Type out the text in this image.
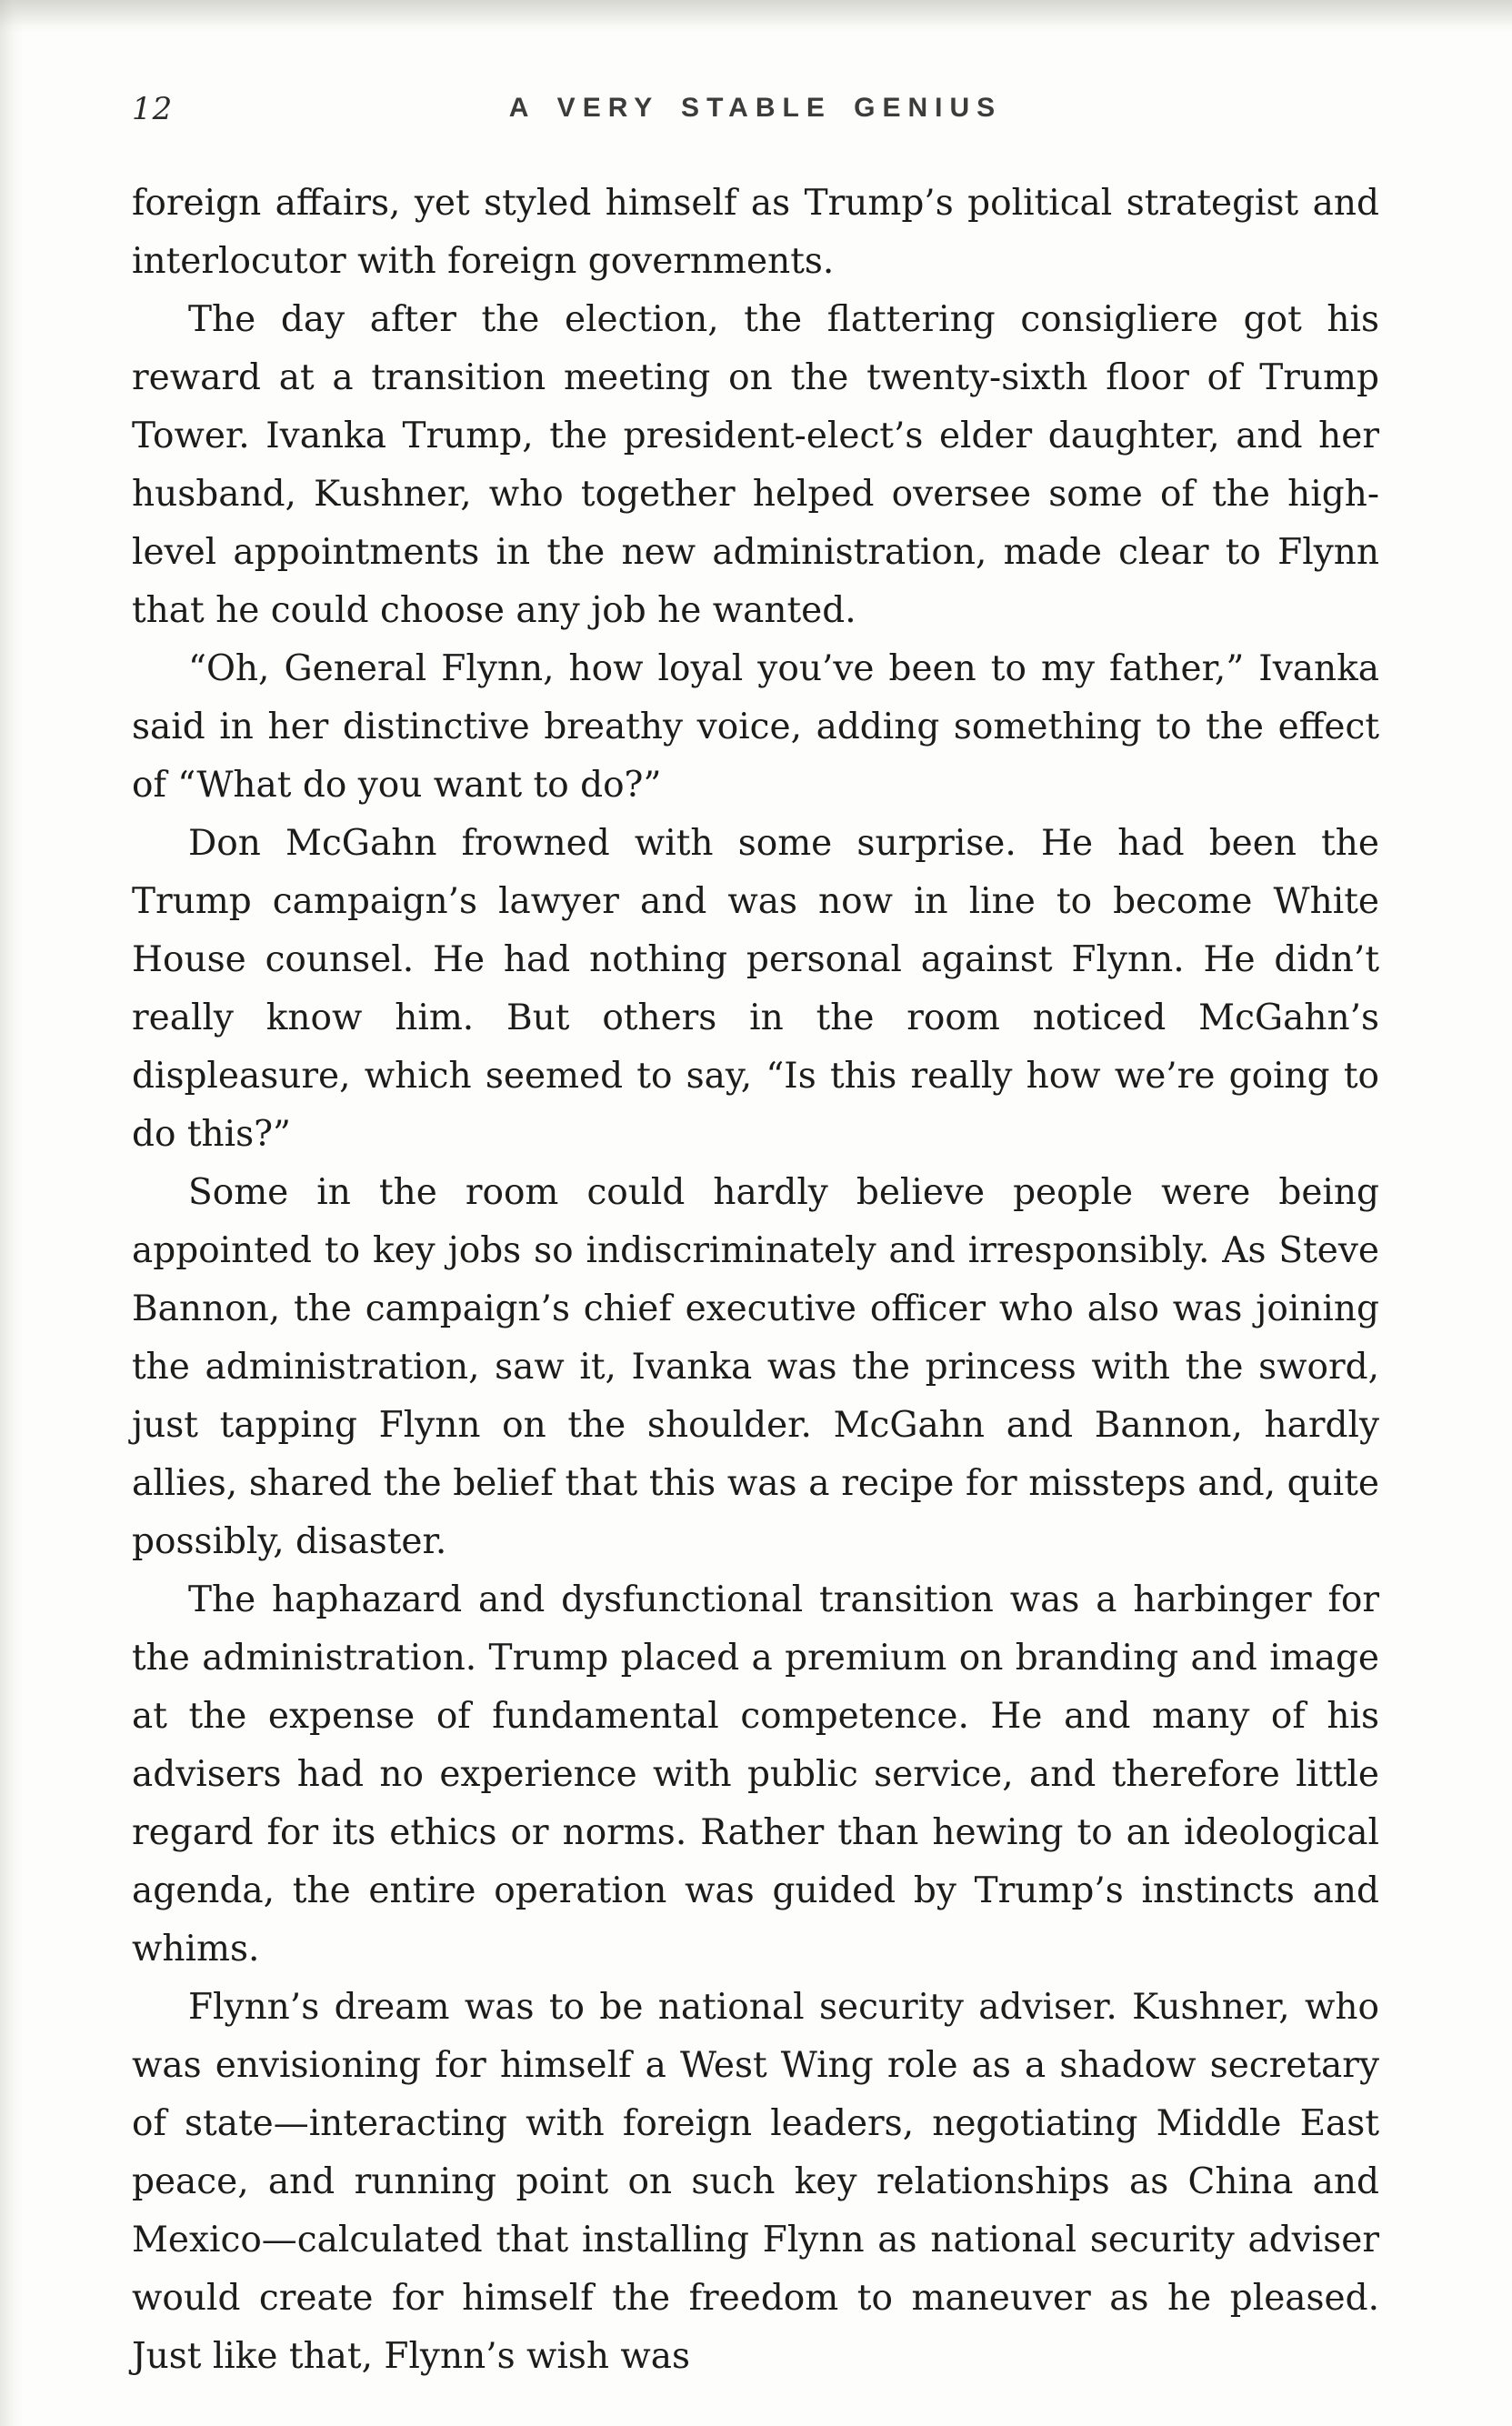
12	A VERY STABLE GENIUS

foreign affairs, yet styled himself as Trump’s political strategist and interlocutor with foreign governments.

The day after the election, the flattering consigliere got his reward at a transition meeting on the twenty-sixth floor of Trump Tower. Ivanka Trump, the president-elect’s elder daughter, and her husband, Kushner, who together helped oversee some of the high-level appointments in the new administration, made clear to Flynn that he could choose any job he wanted.

“Oh, General Flynn, how loyal you’ve been to my father,” Ivanka said in her distinctive breathy voice, adding something to the effect of “What do you want to do?”

Don McGahn frowned with some surprise. He had been the Trump campaign’s lawyer and was now in line to become White House counsel. He had nothing personal against Flynn. He didn’t really know him. But others in the room noticed McGahn’s displeasure, which seemed to say, “Is this really how we’re going to do this?”

Some in the room could hardly believe people were being appointed to key jobs so indiscriminately and irresponsibly. As Steve Bannon, the campaign’s chief executive officer who also was joining the administration, saw it, Ivanka was the princess with the sword, just tapping Flynn on the shoulder. McGahn and Bannon, hardly allies, shared the belief that this was a recipe for missteps and, quite possibly, disaster.

The haphazard and dysfunctional transition was a harbinger for the administration. Trump placed a premium on branding and image at the expense of fundamental competence. He and many of his advisers had no experience with public service, and therefore little regard for its ethics or norms. Rather than hewing to an ideological agenda, the entire operation was guided by Trump’s instincts and whims.

Flynn’s dream was to be national security adviser. Kushner, who was envisioning for himself a West Wing role as a shadow secretary of state—interacting with foreign leaders, negotiating Middle East peace, and running point on such key relationships as China and Mexico—calculated that installing Flynn as national security adviser would create for himself the freedom to maneuver as he pleased. Just like that, Flynn’s wish was
